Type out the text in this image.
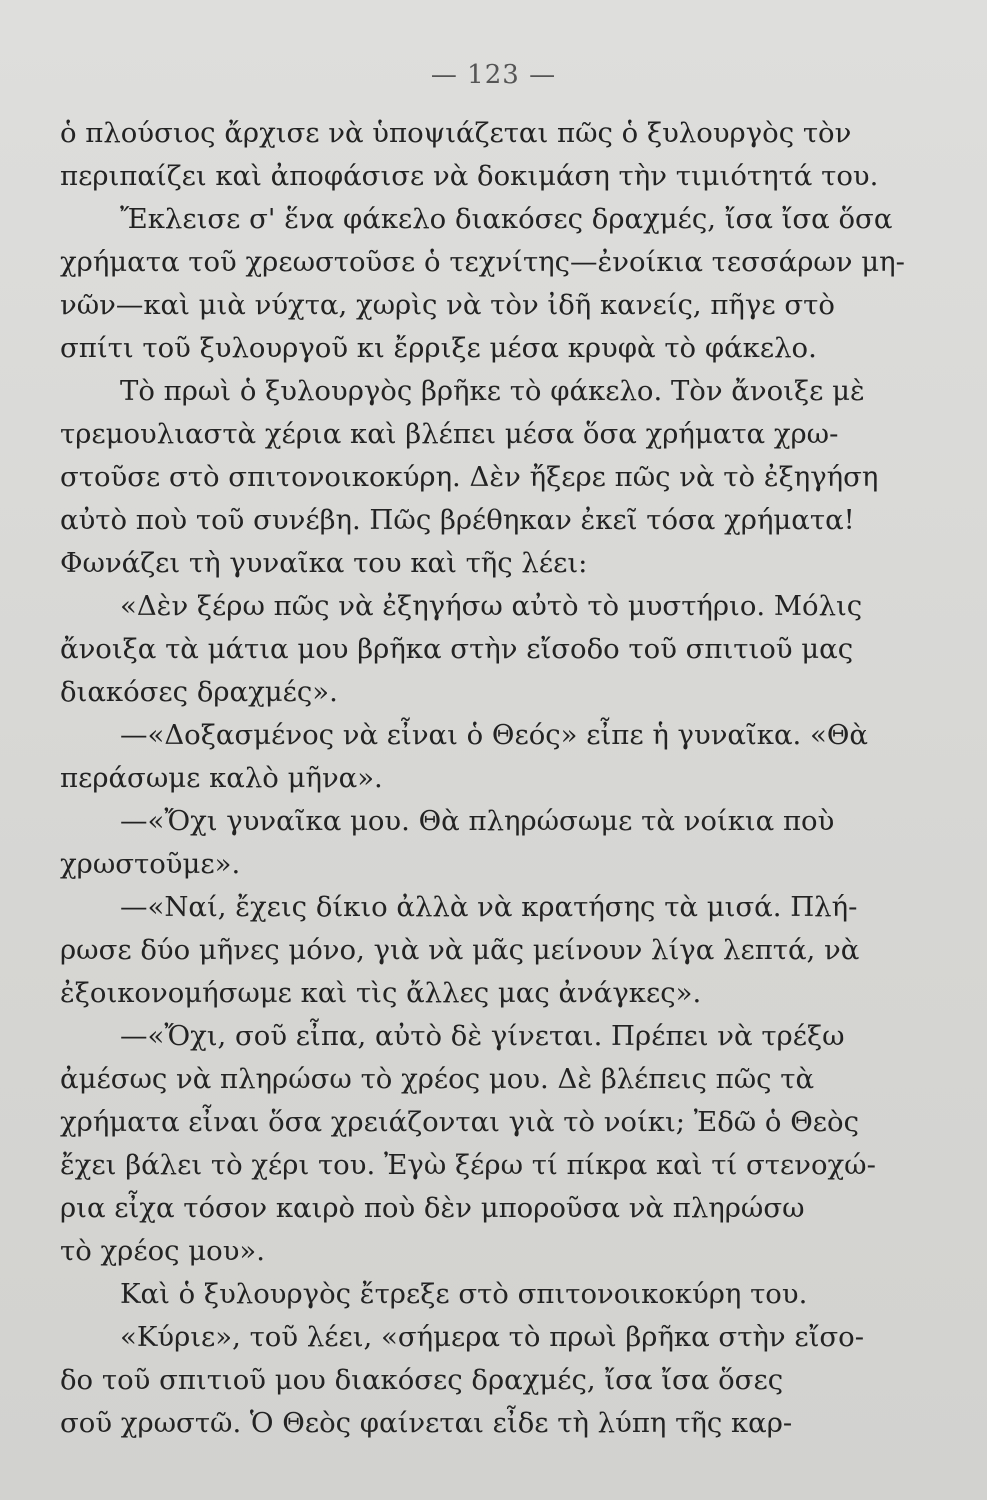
— 123 —
ὁ πλούσιος ἄρχισε νὰ ὑποψιάζεται πῶς ὁ ξυλουργὸς τὸν
περιπαίζει καὶ ἀποφάσισε νὰ δοκιμάση τὴν τιμιότητά του.
Ἔκλεισε σ' ἕνα φάκελο διακόσες δραχμές, ἴσα ἴσα ὅσα
χρήματα τοῦ χρεωστοῦσε ὁ τεχνίτης—ἐνοίκια τεσσάρων μη-
νῶν—καὶ μιὰ νύχτα, χωρὶς νὰ τὸν ἰδῆ κανείς, πῆγε στὸ
σπίτι τοῦ ξυλουργοῦ κι ἔρριξε μέσα κρυφὰ τὸ φάκελο.
Τὸ πρωὶ ὁ ξυλουργὸς βρῆκε τὸ φάκελο. Τὸν ἄνοιξε μὲ
τρεμουλιαστὰ χέρια καὶ βλέπει μέσα ὅσα χρήματα χρω-
στοῦσε στὸ σπιτονοικοκύρη. Δὲν ἤξερε πῶς νὰ τὸ ἐξηγήση
αὐτὸ ποὺ τοῦ συνέβη. Πῶς βρέθηκαν ἐκεῖ τόσα χρήματα!
Φωνάζει τὴ γυναῖκα του καὶ τῆς λέει:
«Δὲν ξέρω πῶς νὰ ἐξηγήσω αὐτὸ τὸ μυστήριο. Μόλις
ἄνοιξα τὰ μάτια μου βρῆκα στὴν εἴσοδο τοῦ σπιτιοῦ μας
διακόσες δραχμές».
—«Δοξασμένος νὰ εἶναι ὁ Θεός» εἶπε ἡ γυναῖκα. «Θὰ
περάσωμε καλὸ μῆνα».
—«Ὄχι γυναῖκα μου. Θὰ πληρώσωμε τὰ νοίκια ποὺ
χρωστοῦμε».
—«Ναί, ἔχεις δίκιο ἀλλὰ νὰ κρατήσης τὰ μισά. Πλή-
ρωσε δύο μῆνες μόνο, γιὰ νὰ μᾶς μείνουν λίγα λεπτά, νὰ
ἐξοικονομήσωμε καὶ τὶς ἄλλες μας ἀνάγκες».
—«Ὄχι, σοῦ εἶπα, αὐτὸ δὲ γίνεται. Πρέπει νὰ τρέξω
ἀμέσως νὰ πληρώσω τὸ χρέος μου. Δὲ βλέπεις πῶς τὰ
χρήματα εἶναι ὅσα χρειάζονται γιὰ τὸ νοίκι; Ἐδῶ ὁ Θεὸς
ἔχει βάλει τὸ χέρι του. Ἐγὼ ξέρω τί πίκρα καὶ τί στενοχώ-
ρια εἶχα τόσον καιρὸ ποὺ δὲν μποροῦσα νὰ πληρώσω
τὸ χρέος μου».
Καὶ ὁ ξυλουργὸς ἔτρεξε στὸ σπιτονοικοκύρη του.
«Κύριε», τοῦ λέει, «σήμερα τὸ πρωὶ βρῆκα στὴν εἴσο-
δο τοῦ σπιτιοῦ μου διακόσες δραχμές, ἴσα ἴσα ὅσες
σοῦ χρωστῶ. Ὁ Θεὸς φαίνεται εἶδε τὴ λύπη τῆς καρ-
